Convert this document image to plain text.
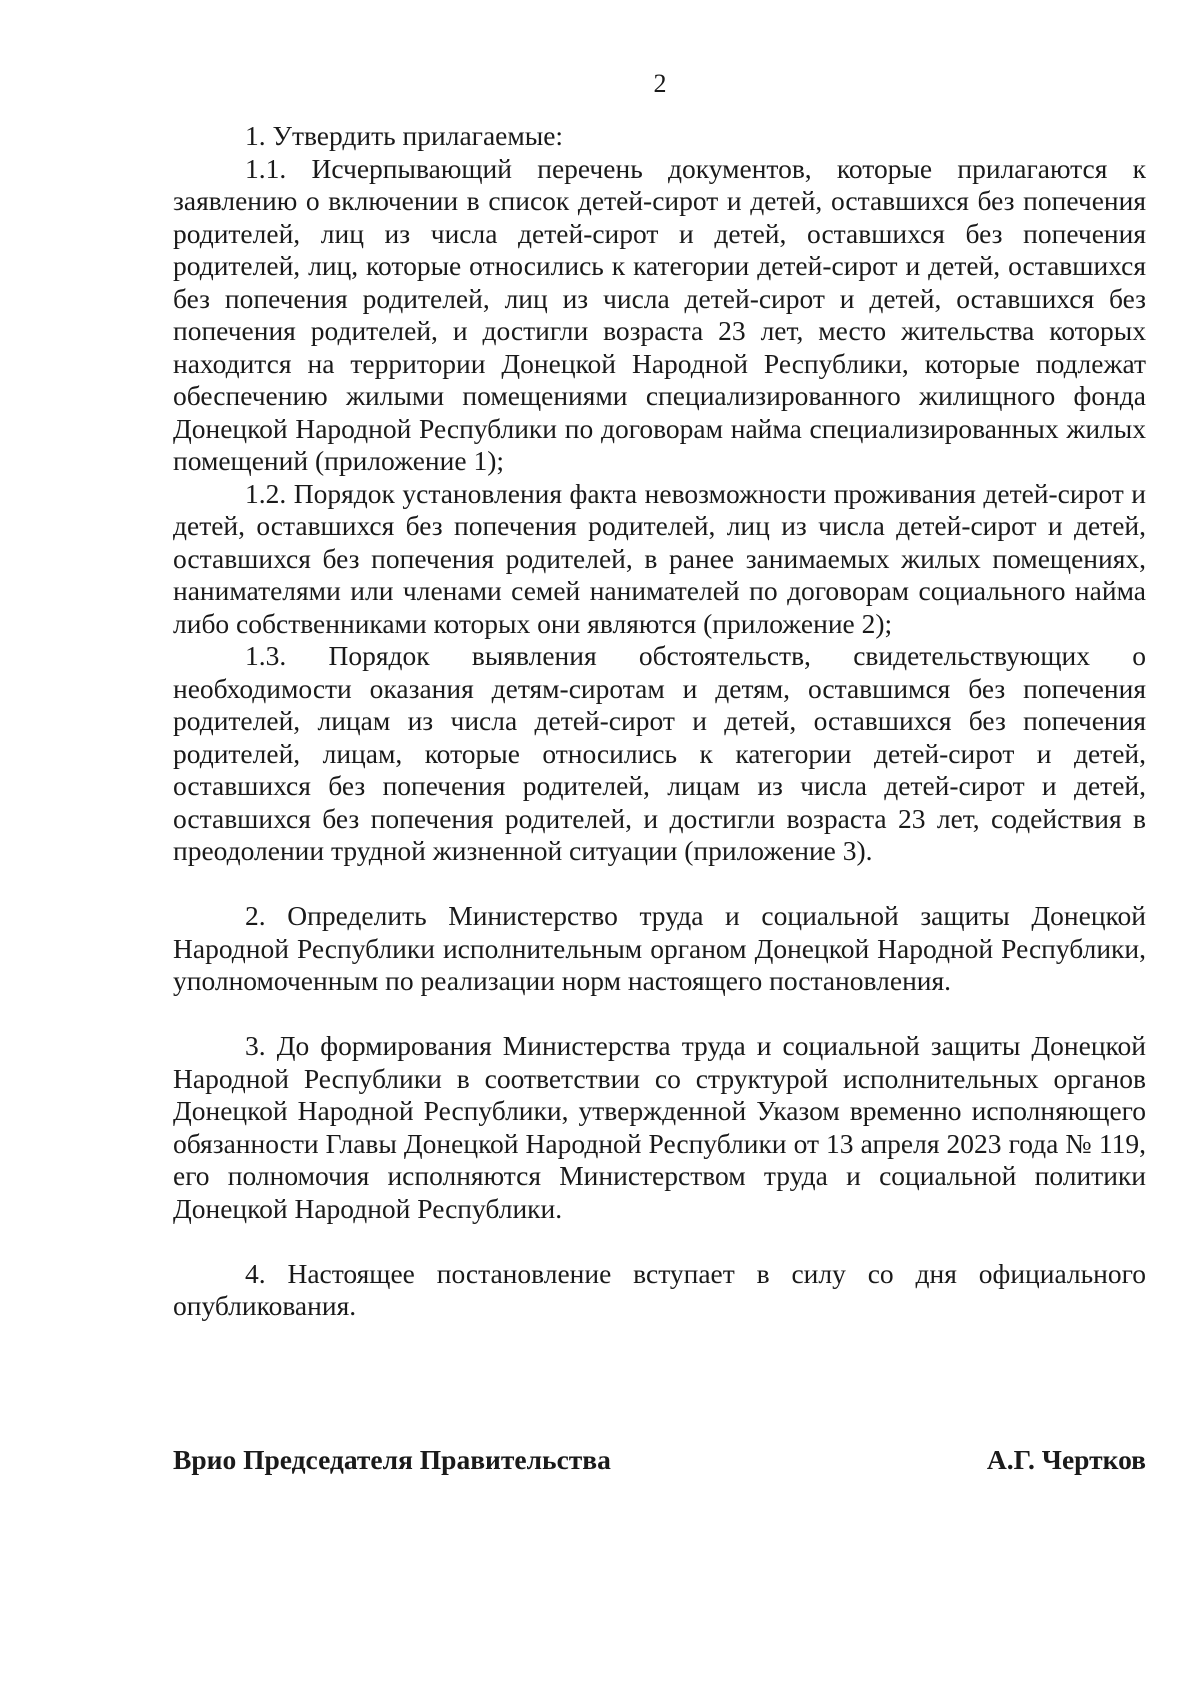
2

1. Утвердить прилагаемые:

1.1. Исчерпывающий перечень документов, которые прилагаются к заявлению о включении в список детей-сирот и детей, оставшихся без попечения родителей, лиц из числа детей-сирот и детей, оставшихся без попечения родителей, лиц, которые относились к категории детей-сирот и детей, оставшихся без попечения родителей, лиц из числа детей-сирот и детей, оставшихся без попечения родителей, и достигли возраста 23 лет, место жительства которых находится на территории Донецкой Народной Республики, которые подлежат обеспечению жилыми помещениями специализированного жилищного фонда Донецкой Народной Республики по договорам найма специализированных жилых помещений (приложение 1);

1.2. Порядок установления факта невозможности проживания детей-сирот и детей, оставшихся без попечения родителей, лиц из числа детей-сирот и детей, оставшихся без попечения родителей, в ранее занимаемых жилых помещениях, нанимателями или членами семей нанимателей по договорам социального найма либо собственниками которых они являются (приложение 2);

1.3. Порядок выявления обстоятельств, свидетельствующих о необходимости оказания детям-сиротам и детям, оставшимся без попечения родителей, лицам из числа детей-сирот и детей, оставшихся без попечения родителей, лицам, которые относились к категории детей-сирот и детей, оставшихся без попечения родителей, лицам из числа детей-сирот и детей, оставшихся без попечения родителей, и достигли возраста 23 лет, содействия в преодолении трудной жизненной ситуации (приложение 3).

2. Определить Министерство труда и социальной защиты Донецкой Народной Республики исполнительным органом Донецкой Народной Республики, уполномоченным по реализации норм настоящего постановления.

3. До формирования Министерства труда и социальной защиты Донецкой Народной Республики в соответствии со структурой исполнительных органов Донецкой Народной Республики, утвержденной Указом временно исполняющего обязанности Главы Донецкой Народной Республики от 13 апреля 2023 года № 119, его полномочия исполняются Министерством труда и социальной политики Донецкой Народной Республики.

4. Настоящее постановление вступает в силу со дня официального опубликования.

Врио Председателя Правительства	А.Г. Чертков
